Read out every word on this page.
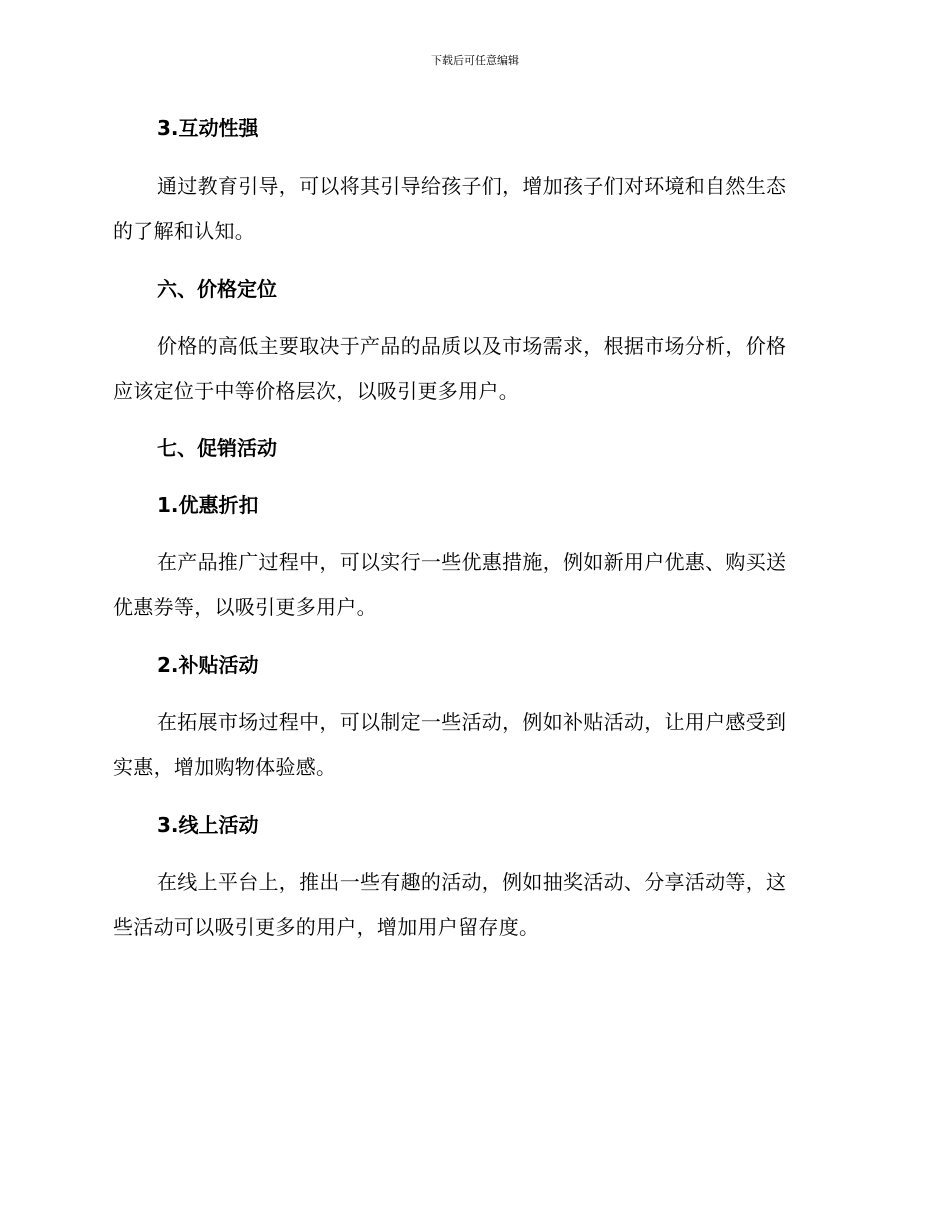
下载后可任意编辑
3.互动性强
通过教育引导，可以将其引导给孩子们，增加孩子们对环境和自然生态
的了解和认知。
六、价格定位
价格的高低主要取决于产品的品质以及市场需求，根据市场分析，价格
应该定位于中等价格层次，以吸引更多用户。
七、促销活动
1.优惠折扣
在产品推广过程中，可以实行一些优惠措施，例如新用户优惠、购买送
优惠券等，以吸引更多用户。
2.补贴活动
在拓展市场过程中，可以制定一些活动，例如补贴活动，让用户感受到
实惠，增加购物体验感。
3.线上活动
在线上平台上，推出一些有趣的活动，例如抽奖活动、分享活动等，这
些活动可以吸引更多的用户，增加用户留存度。
